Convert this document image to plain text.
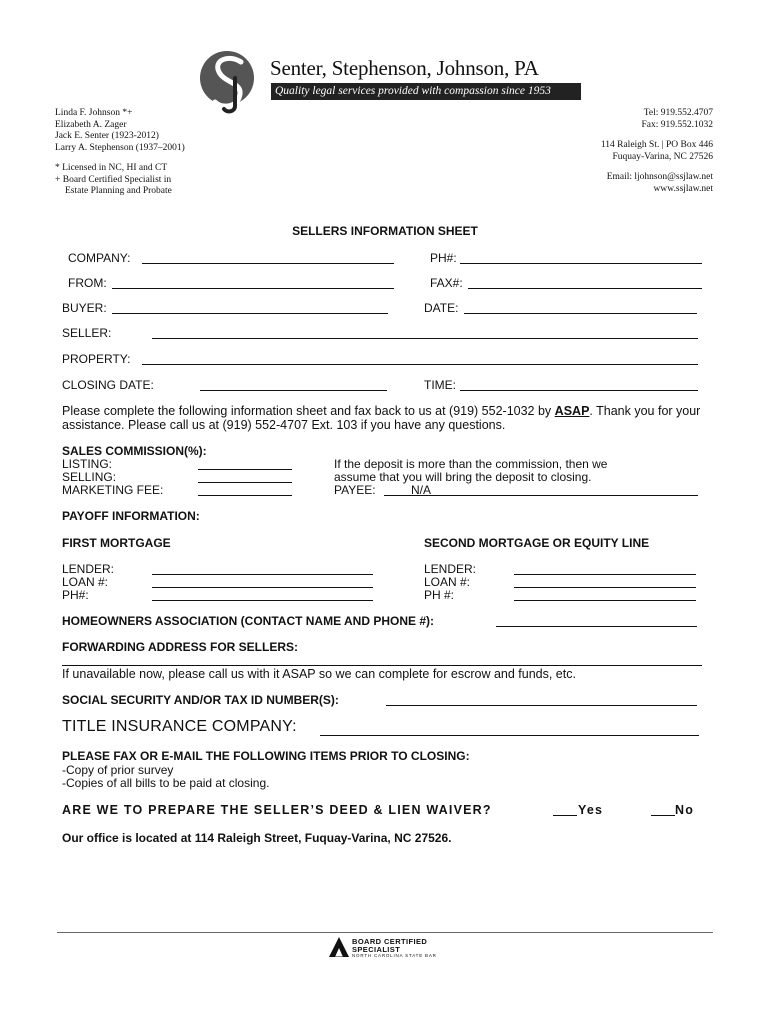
Senter, Stephenson, Johnson, PA
Quality legal services provided with compassion since 1953
Linda F. Johnson *+
Elizabeth A. Zager
Jack E. Senter (1923-2012)
Larry A. Stephenson (1937–2001)
* Licensed in NC, HI and CT
+ Board Certified Specialist in
Estate Planning and Probate
Tel: 919.552.4707
Fax: 919.552.1032
114 Raleigh St. | PO Box 446
Fuquay-Varina, NC 27526
Email: ljohnson@ssjlaw.net
www.ssjlaw.net
SELLERS INFORMATION SHEET
COMPANY:	PH#:
FROM:	FAX#:
BUYER:	DATE:
SELLER:
PROPERTY:
CLOSING DATE:	TIME:
Please complete the following information sheet and fax back to us at (919) 552-1032 by ASAP. Thank you for your assistance. Please call us at (919) 552-4707 Ext. 103 if you have any questions.
SALES COMMISSION(%):
LISTING:
SELLING:
MARKETING FEE:
If the deposit is more than the commission, then we
assume that you will bring the deposit to closing.
PAYEE:	N/A
PAYOFF INFORMATION:
FIRST MORTGAGE	SECOND MORTGAGE OR EQUITY LINE
LENDER:
LOAN #:
PH#:
LENDER:
LOAN #:
PH #:
HOMEOWNERS ASSOCIATION (CONTACT NAME AND PHONE #):
FORWARDING ADDRESS FOR SELLERS:
If unavailable now, please call us with it ASAP so we can complete for escrow and funds, etc.
SOCIAL SECURITY AND/OR TAX ID NUMBER(S):
TITLE INSURANCE COMPANY:
PLEASE FAX OR E-MAIL THE FOLLOWING ITEMS PRIOR TO CLOSING:
-Copy of prior survey
-Copies of all bills to be paid at closing.
ARE WE TO PREPARE THE SELLER’S DEED & LIEN WAIVER?	Yes	No
Our office is located at 114 Raleigh Street, Fuquay-Varina, NC 27526.
BOARD CERTIFIED
SPECIALIST
NORTH CAROLINA STATE BAR
